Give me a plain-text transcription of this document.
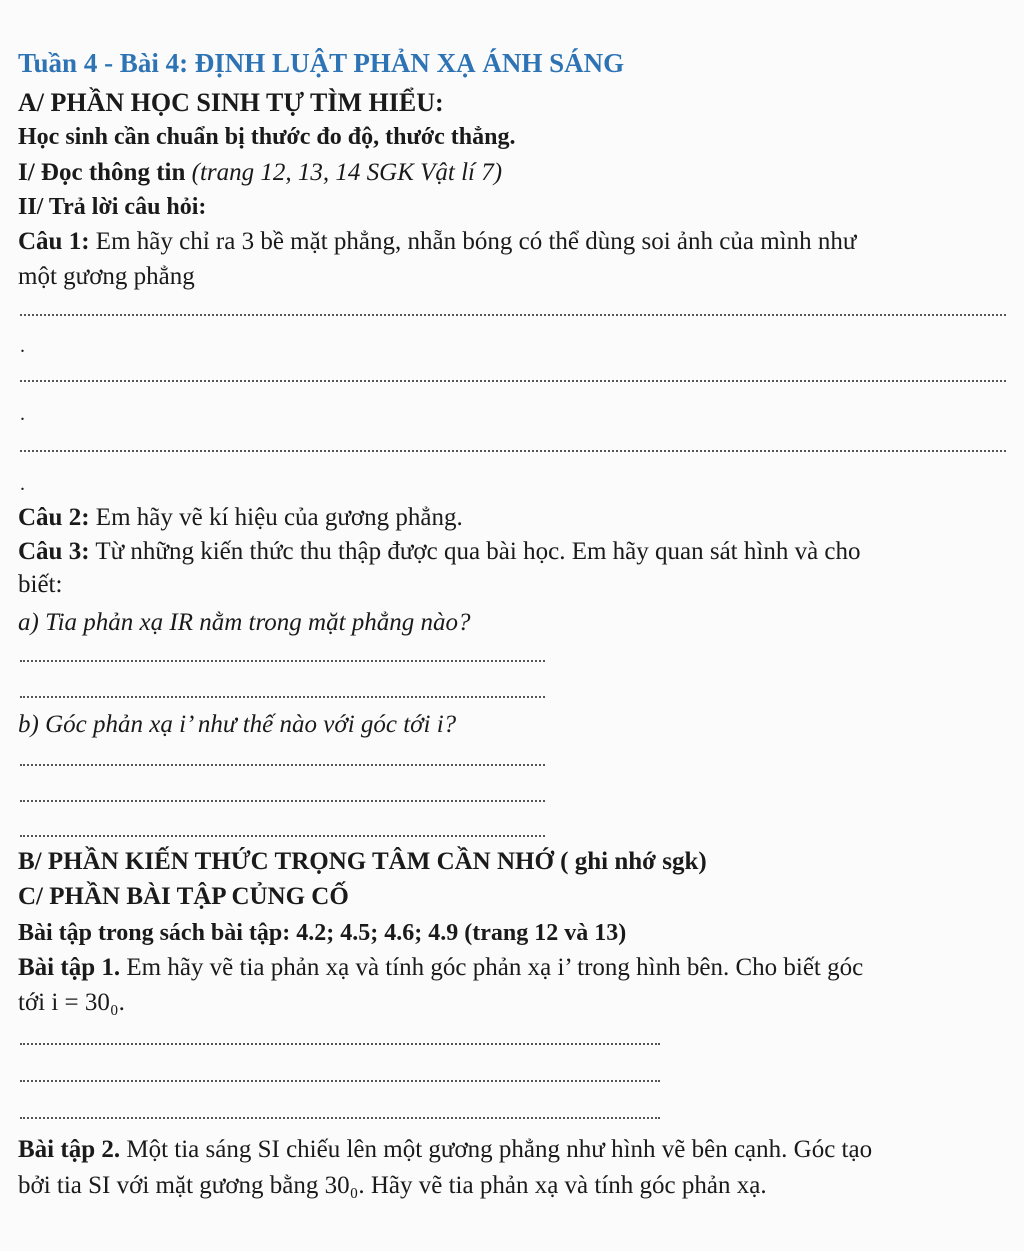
Tuần 4 - Bài 4: ĐỊNH LUẬT PHẢN XẠ ÁNH SÁNG
A/ PHẦN HỌC SINH TỰ TÌM HIỂU:
Học sinh cần chuẩn bị thước đo độ, thước thẳng.
I/ Đọc thông tin (trang 12, 13, 14 SGK Vật lí 7)
II/ Trả lời câu hỏi:
Câu 1: Em hãy chỉ ra 3 bề mặt phẳng, nhẵn bóng có thể dùng soi ảnh của mình như
một gương phẳng
.
.
.
Câu 2: Em hãy vẽ kí hiệu của gương phẳng.
Câu 3: Từ những kiến thức thu thập được qua bài học. Em hãy quan sát hình và cho
biết:
a) Tia phản xạ IR nằm trong mặt phẳng nào?
b) Góc phản xạ i’ như thế nào với góc tới i?
B/ PHẦN KIẾN THỨC TRỌNG TÂM CẦN NHỚ ( ghi nhớ sgk)
C/ PHẦN BÀI TẬP CỦNG CỐ
Bài tập trong sách bài tập: 4.2; 4.5; 4.6; 4.9 (trang 12 và 13)
Bài tập 1. Em hãy vẽ tia phản xạ và tính góc phản xạ i’ trong hình bên. Cho biết góc
tới i = 30₀.
Bài tập 2. Một tia sáng SI chiếu lên một gương phẳng như hình vẽ bên cạnh. Góc tạo
bởi tia SI với mặt gương bằng 30₀. Hãy vẽ tia phản xạ và tính góc phản xạ.
